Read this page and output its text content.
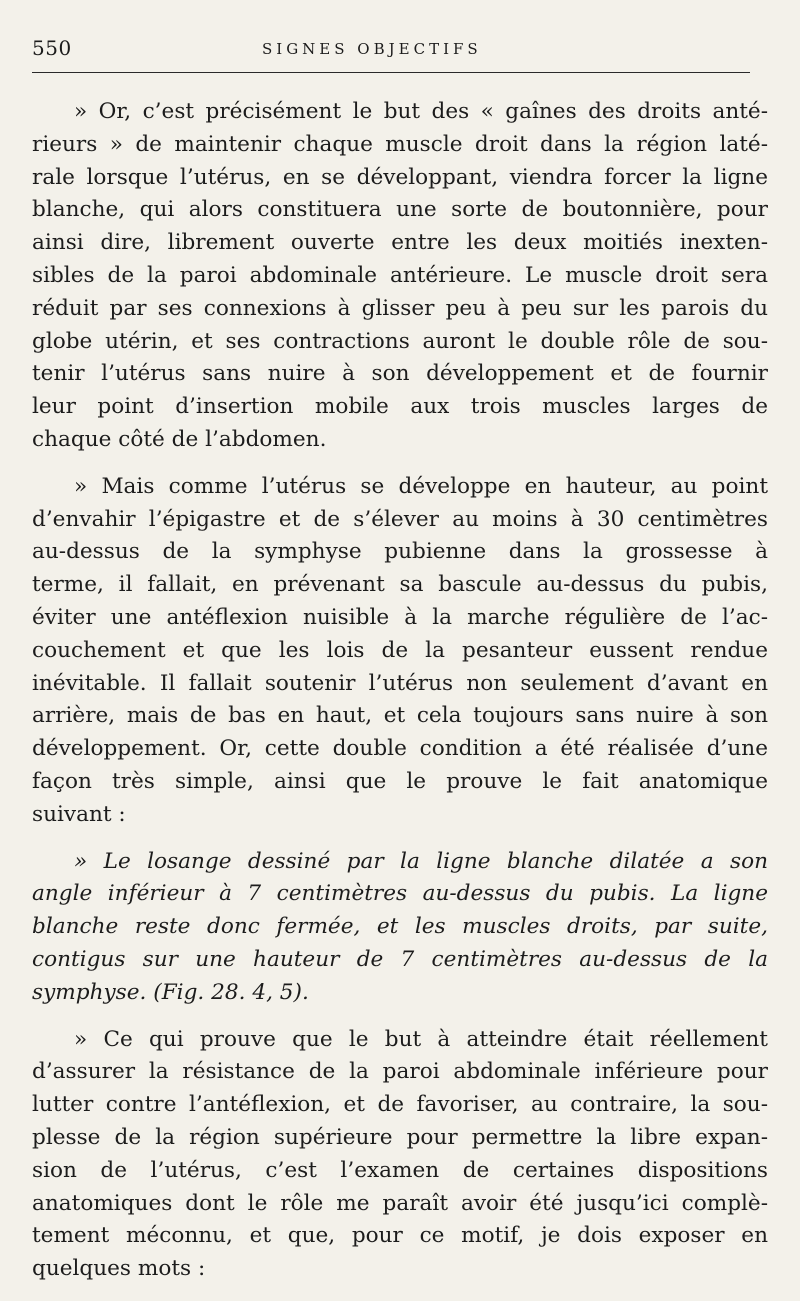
550	SIGNES OBJECTIFS
» Or, c’est précisément le but des « gaînes des droits anté-
rieurs » de maintenir chaque muscle droit dans la région laté-
rale lorsque l’utérus, en se développant, viendra forcer la ligne
blanche, qui alors constituera une sorte de boutonnière, pour
ainsi dire, librement ouverte entre les deux moitiés inexten-
sibles de la paroi abdominale antérieure. Le muscle droit sera
réduit par ses connexions à glisser peu à peu sur les parois du
globe utérin, et ses contractions auront le double rôle de sou-
tenir l’utérus sans nuire à son développement et de fournir
leur point d’insertion mobile aux trois muscles larges de
chaque côté de l’abdomen.
» Mais comme l’utérus se développe en hauteur, au point
d’envahir l’épigastre et de s’élever au moins à 30 centimètres
au-dessus de la symphyse pubienne dans la grossesse à
terme, il fallait, en prévenant sa bascule au-dessus du pubis,
éviter une antéflexion nuisible à la marche régulière de l’ac-
couchement et que les lois de la pesanteur eussent rendue
inévitable. Il fallait soutenir l’utérus non seulement d’avant en
arrière, mais de bas en haut, et cela toujours sans nuire à son
développement. Or, cette double condition a été réalisée d’une
façon très simple, ainsi que le prouve le fait anatomique
suivant :
» Le losange dessiné par la ligne blanche dilatée a son
angle inférieur à 7 centimètres au-dessus du pubis. La ligne
blanche reste donc fermée, et les muscles droits, par suite,
contigus sur une hauteur de 7 centimètres au-dessus de la
symphyse. (Fig. 28. 4, 5).
» Ce qui prouve que le but à atteindre était réellement
d’assurer la résistance de la paroi abdominale inférieure pour
lutter contre l’antéflexion, et de favoriser, au contraire, la sou-
plesse de la région supérieure pour permettre la libre expan-
sion de l’utérus, c’est l’examen de certaines dispositions
anatomiques dont le rôle me paraît avoir été jusqu’ici complè-
tement méconnu, et que, pour ce motif, je dois exposer en
quelques mots :
